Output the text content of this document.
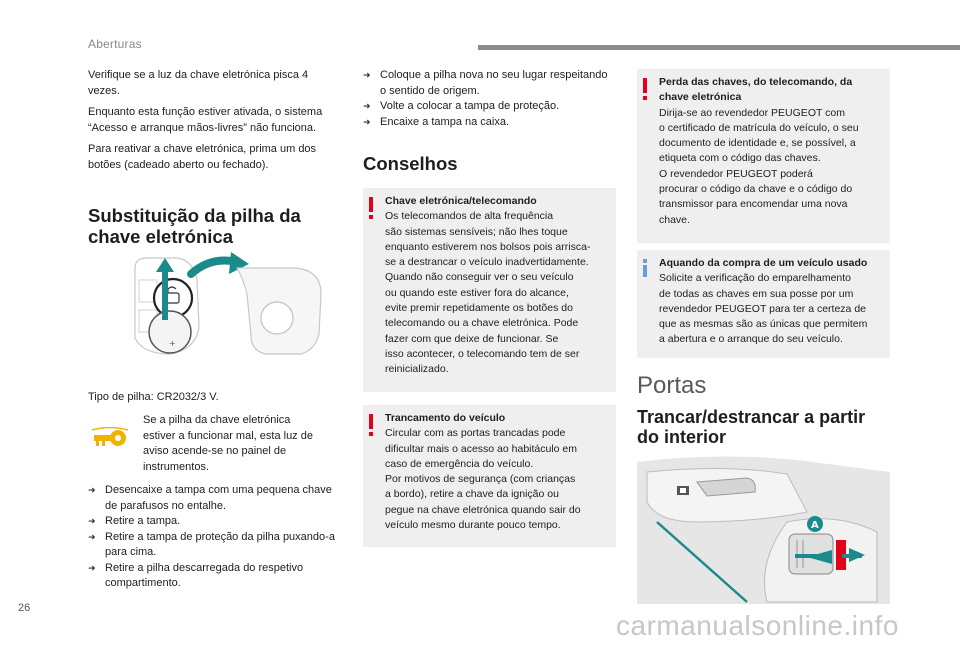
Aberturas

Verifique se a luz da chave eletrónica pisca 4 vezes.

Enquanto esta função estiver ativada, o sistema “Acesso e arranque mãos-livres” não funciona.

Para reativar a chave eletrónica, prima um dos botões (cadeado aberto ou fechado).

Substituição da pilha da

chave eletrónica

+
Tipo de pilha: CR2032/3 V.
Se a pilha da chave eletrónica estiver a funcionar mal, esta luz de aviso acende-se no painel de instrumentos.

➜ Desencaixe a tampa com uma pequena chave de parafusos no entalhe.

➜ Retire a tampa.

➜ Retire a tampa de proteção da pilha puxando-a para cima.

➜ Retire a pilha descarregada do respetivo compartimento.

➜ Coloque a pilha nova no seu lugar respeitando o sentido de origem.

➜ Volte a colocar a tampa de proteção.

➜ Encaixe a tampa na caixa.

Conselhos
Chave eletrónica/telecomando
Os telecomandos de alta frequência
são sistemas sensíveis; não lhes toque
enquanto estiverem nos bolsos pois arrisca-
se a destrancar o veículo inadvertidamente.
Quando não conseguir ver o seu veículo
ou quando este estiver fora do alcance,
evite premir repetidamente os botões do
telecomando ou a chave eletrónica. Pode
fazer com que deixe de funcionar. Se
isso acontecer, o telecomando tem de ser
reinicializado.
Trancamento do veículo
Circular com as portas trancadas pode
dificultar mais o acesso ao habitáculo em
caso de emergência do veículo.
Por motivos de segurança (com crianças
a bordo), retire a chave da ignição ou
pegue na chave eletrónica quando sair do
veículo mesmo durante pouco tempo.
Perda das chaves, do telecomando, da
chave eletrónica
Dirija-se ao revendedor PEUGEOT com
o certificado de matrícula do veículo, o seu
documento de identidade e, se possível, a
etiqueta com o código das chaves.
O revendedor PEUGEOT poderá
procurar o código da chave e o código do
transmissor para encomendar uma nova
chave.
Aquando da compra de um veículo usado
Solicite a verificação do emparelhamento
de todas as chaves em sua posse por um
revendedor PEUGEOT para ter a certeza de
que as mesmas são as únicas que permitem
a abertura e o arranque do seu veículo.
Portas

Trancar/destrancar a partir

do interior

A
26
carmanualsonline.info
